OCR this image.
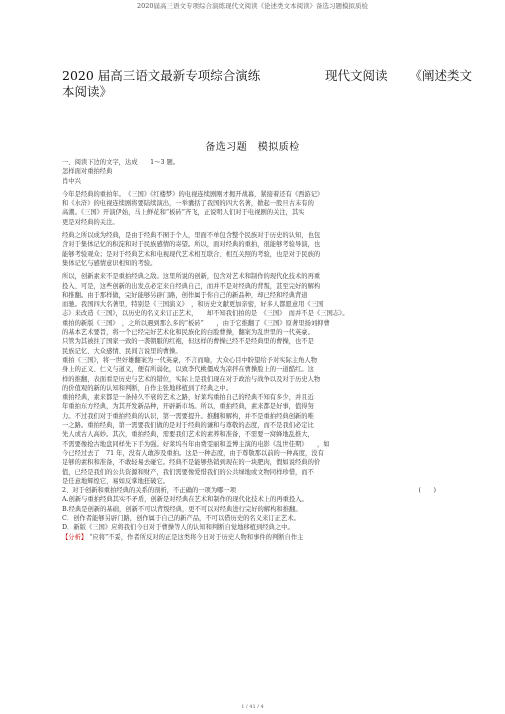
2020届高三语文专项综合演练现代文阅读《论述类文本阅读》备选习题模拟质检
2020 届高三语文最新专项综合演练	现代文阅读 《阐述类文
本阅读》
备选习题　模拟质检

一、阅读下边的文字，达成　　1～3 题。

怎样面对重拍经典

肖中兴

今年是经典的重拍年。　《三国》《红楼梦》的电视连续剧刚才揭开战幕，紧接着还有《西游记》

和《水浒》的电视连续剧将要陆续演出，一举囊括了我国的四大名著，掀起一股旦古未有的

高潮。《三国》开演伊始，马上鲜花和“板砖”齐飞，正说明人们对于电视剧的关注，其实

更是对经典的关注。

经典之所以成为经典，是由于经典不囿于个人，里面不单包含整个民族对于历史的认知，也包

含对于集体记忆的积淀和对于民族感情的寄望。所以，面对经典的重拍，很能够考验导演，也

能够考验观众；是对于经典艺术和电视现代艺术相互联合、相互关照的考验，也是对于民族的

集体记忆与感情意识相知的考验。

所以，创新素来不是重拍经典之敌。这里所说的创新，包含对艺术和制作的现代化技术的再重

投入、可是，这些创新的出发点必定来自经典自己，而并不是对经典的背叛，甚至完好的解构

和推翻。由于那样做，完好能够另辟门路，创作属于你自己的新品种，却已经和经典背道

而驰。我国四大名著里，特别是《三国演义》　，和历史文献更加亲密，好多人都愿意用《三国

志》来改造《三国》，以历史的名义来订正艺术，　　却不知我们拍的是　《三国》　而并不是《三国志》。

重拍的新版《三国》　，之所以遇到那么多的“板砖”　　，由于它推翻了《三国》原著里扬刘抑曹

的基本艺术要旨，将一个已经完好艺术化和民族化的白脸曹操，翻案为乱世里的一代英豪。

只管为其被拄了国家一致的一袭朝服的红袍，但这样的曹操已经不是经典里的曹操，也不是

民族记忆、大众感情、民间言说里的曹操。

重拍《三国》，将一世奸雄翻案为一代英豪，不言而喻，大众心目中盼望给予对实际主角人物

身上的正义、仁义与道义，便有所弱化，以致李代桃僵成为凉拌在曹操脸上的一道酷红。这

样的推翻，表面看是历史与艺术的错位，实际上是我们现在对于政治与战争以及对于历史人物

的价值观的新的认知和判断，自作主张地移植到了经典之中。

重拍经典，素来都是一条持久不衰的艺术之路，好莱坞重拍自己的经典不知有多少，并且近

年重拍东方经典，为其开发新品种，开辟新市场。所以，重拍经典，素来都是好事，值得努

力。不过我们对于重拍经典的认识，第一需要提升。推翻和解构，并不是重拍经典创新的唯

一之路。重拍经典，第一需要我们做的是对于经典的谦和与尊敬的态度，而不是我们必定比

先人或古人高妙。其次，重拍经典，需要我们艺术的素养和准备，不需要一窝蜂地乱推大，

不需要像抢古地盘同样先下手为强。好莱坞当年由费雯丽和盖博主演的电影《乱世佳期》　　，如

今已经过去了　71 年，没有人敢涉及重拍。这是一种态度，由于尊敬那以前的一种高度，没有

足够的素积和准备，不敢轻易去碰它。经典不是能够热销到现在的一块肥肉，假如说经典的价

值，已经是我们的公共资源和财产，我们需要像爱惜我们的公共绿地或文物同样珍惜，而不

是任意地辉煌它，易如反掌地狂破它。

2、对于创新和重拍经典的关系的剖析，不正确的一项为哪一项	(　　)

A.创新与重拍经典其实不矛盾，创新是对经典在艺术和制作的现代化技术上的再重投入。

B.经典是创新的基础，创新不可以背叛经典，更不可以对经典进行完好的解构和推翻。

C．创作者能够另辟门路，创作属于自己的新产品，不可以借历史的名义来订正艺术。

D．新版《三国》应将我们今日对于曹操等人的认知和判断自觉地移植到经典之中。

【分析】 “应将”不妥，作者所反对的正是这类将今日对于历史人物和事件的判断自作主

1 / 41 / 4
